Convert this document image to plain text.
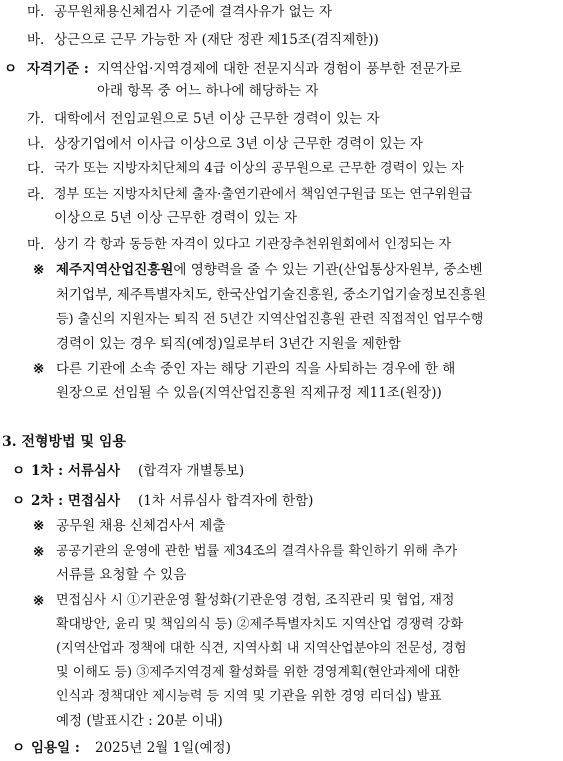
마. 공무원채용신체검사 기준에 결격사유가 없는 자
바. 상근으로 근무 가능한 자 (재단 정관 제15조(겸직제한))
ㅇ 자격기준 : 지역산업·지역경제에 대한 전문지식과 경험이 풍부한 전문가로
아래 항목 중 어느 하나에 해당하는 자
가. 대학에서 전임교원으로 5년 이상 근무한 경력이 있는 자
나. 상장기업에서 이사급 이상으로 3년 이상 근무한 경력이 있는 자
다. 국가 또는 지방자치단체의 4급 이상의 공무원으로 근무한 경력이 있는 자
라. 정부 또는 지방자치단체 출자·출연기관에서 책임연구원급 또는 연구위원급
이상으로 5년 이상 근무한 경력이 있는 자
마. 상기 각 항과 동등한 자격이 있다고 기관장추천위원회에서 인정되는 자
※ 제주지역산업진흥원에 영향력을 줄 수 있는 기관(산업통상자원부, 중소벤
처기업부, 제주특별자치도, 한국산업기술진흥원, 중소기업기술정보진흥원
등) 출신의 지원자는 퇴직 전 5년간 지역산업진흥원 관련 직접적인 업무수행
경력이 있는 경우 퇴직(예정)일로부터 3년간 지원을 제한함
※ 다른 기관에 소속 중인 자는 해당 기관의 직을 사퇴하는 경우에 한 해
원장으로 선임될 수 있음(지역산업진흥원 직제규정 제11조(원장))
3. 전형방법 및 임용
ㅇ 1차 : 서류심사 (합격자 개별통보)
ㅇ 2차 : 면접심사 (1차 서류심사 합격자에 한함)
※ 공무원 채용 신체검사서 제출
※ 공공기관의 운영에 관한 법률 제34조의 결격사유를 확인하기 위해 추가
서류를 요청할 수 있음
※ 면접심사 시 ①기관운영 활성화(기관운영 경험, 조직관리 및 협업, 재정
확대방안, 윤리 및 책임의식 등) ②제주특별자치도 지역산업 경쟁력 강화
(지역산업과 정책에 대한 식견, 지역사회 내 지역산업분야의 전문성, 경험
및 이해도 등) ③제주지역경제 활성화를 위한 경영계획(현안과제에 대한
인식과 정책대안 제시능력 등 지역 및 기관을 위한 경영 리더십) 발표
예정 (발표시간 : 20분 이내)
ㅇ 임용일 : 2025년 2월 1일(예정)
